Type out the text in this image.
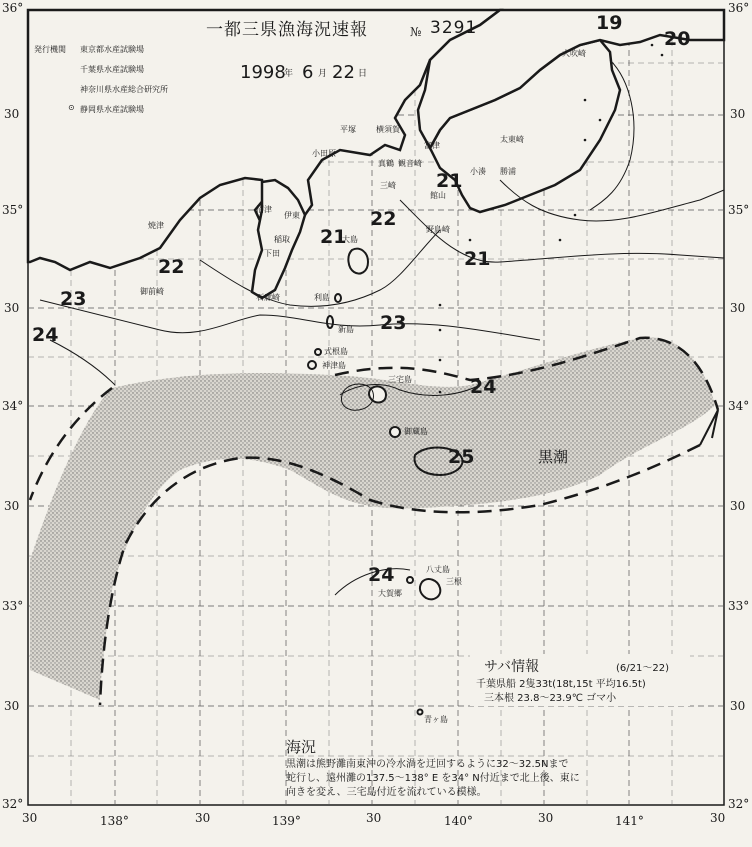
36°
30
35°
30
34°
30
33°
30
32°
36°
30
35°
30
34°
30
33°
30
32°
30	138°	30	139°	30	140°	30	141°	30
一都三県漁海況速報	№ 3291
発行機関 東京都水産試験場
千葉県水産試験場
神奈川県水産総合研究所
⊙ 静岡県水産試験場
1998
年 6 月 22 日
19
20
21
21
21
22
22
23
23
24
24
24
25	黒潮
大吹崎
平塚	横須賀
富津
小田原
観音崎
真鶴
三崎
館山
小湊 勝浦
太東崎
沼津
伊東
稲取
下田
野島崎
大島
焼津
御前崎
石廊崎	利島
新島
式根島
神津島
三宅島
御蔵島
八丈島
三根
大賀郷
青ヶ島
サバ情報	(6/21～22)
千葉県船 2隻33t(18t,15t 平均16.5t)
三本根 23.8～23.9℃ ゴマ小
海況
黒潮は熊野灘南東沖の冷水渦を迂回するように32～32.5Nまで
蛇行し、遠州灘の137.5～138° E を34° N付近まで北上後、東に
向きを変え、三宅島付近を流れている模様。
